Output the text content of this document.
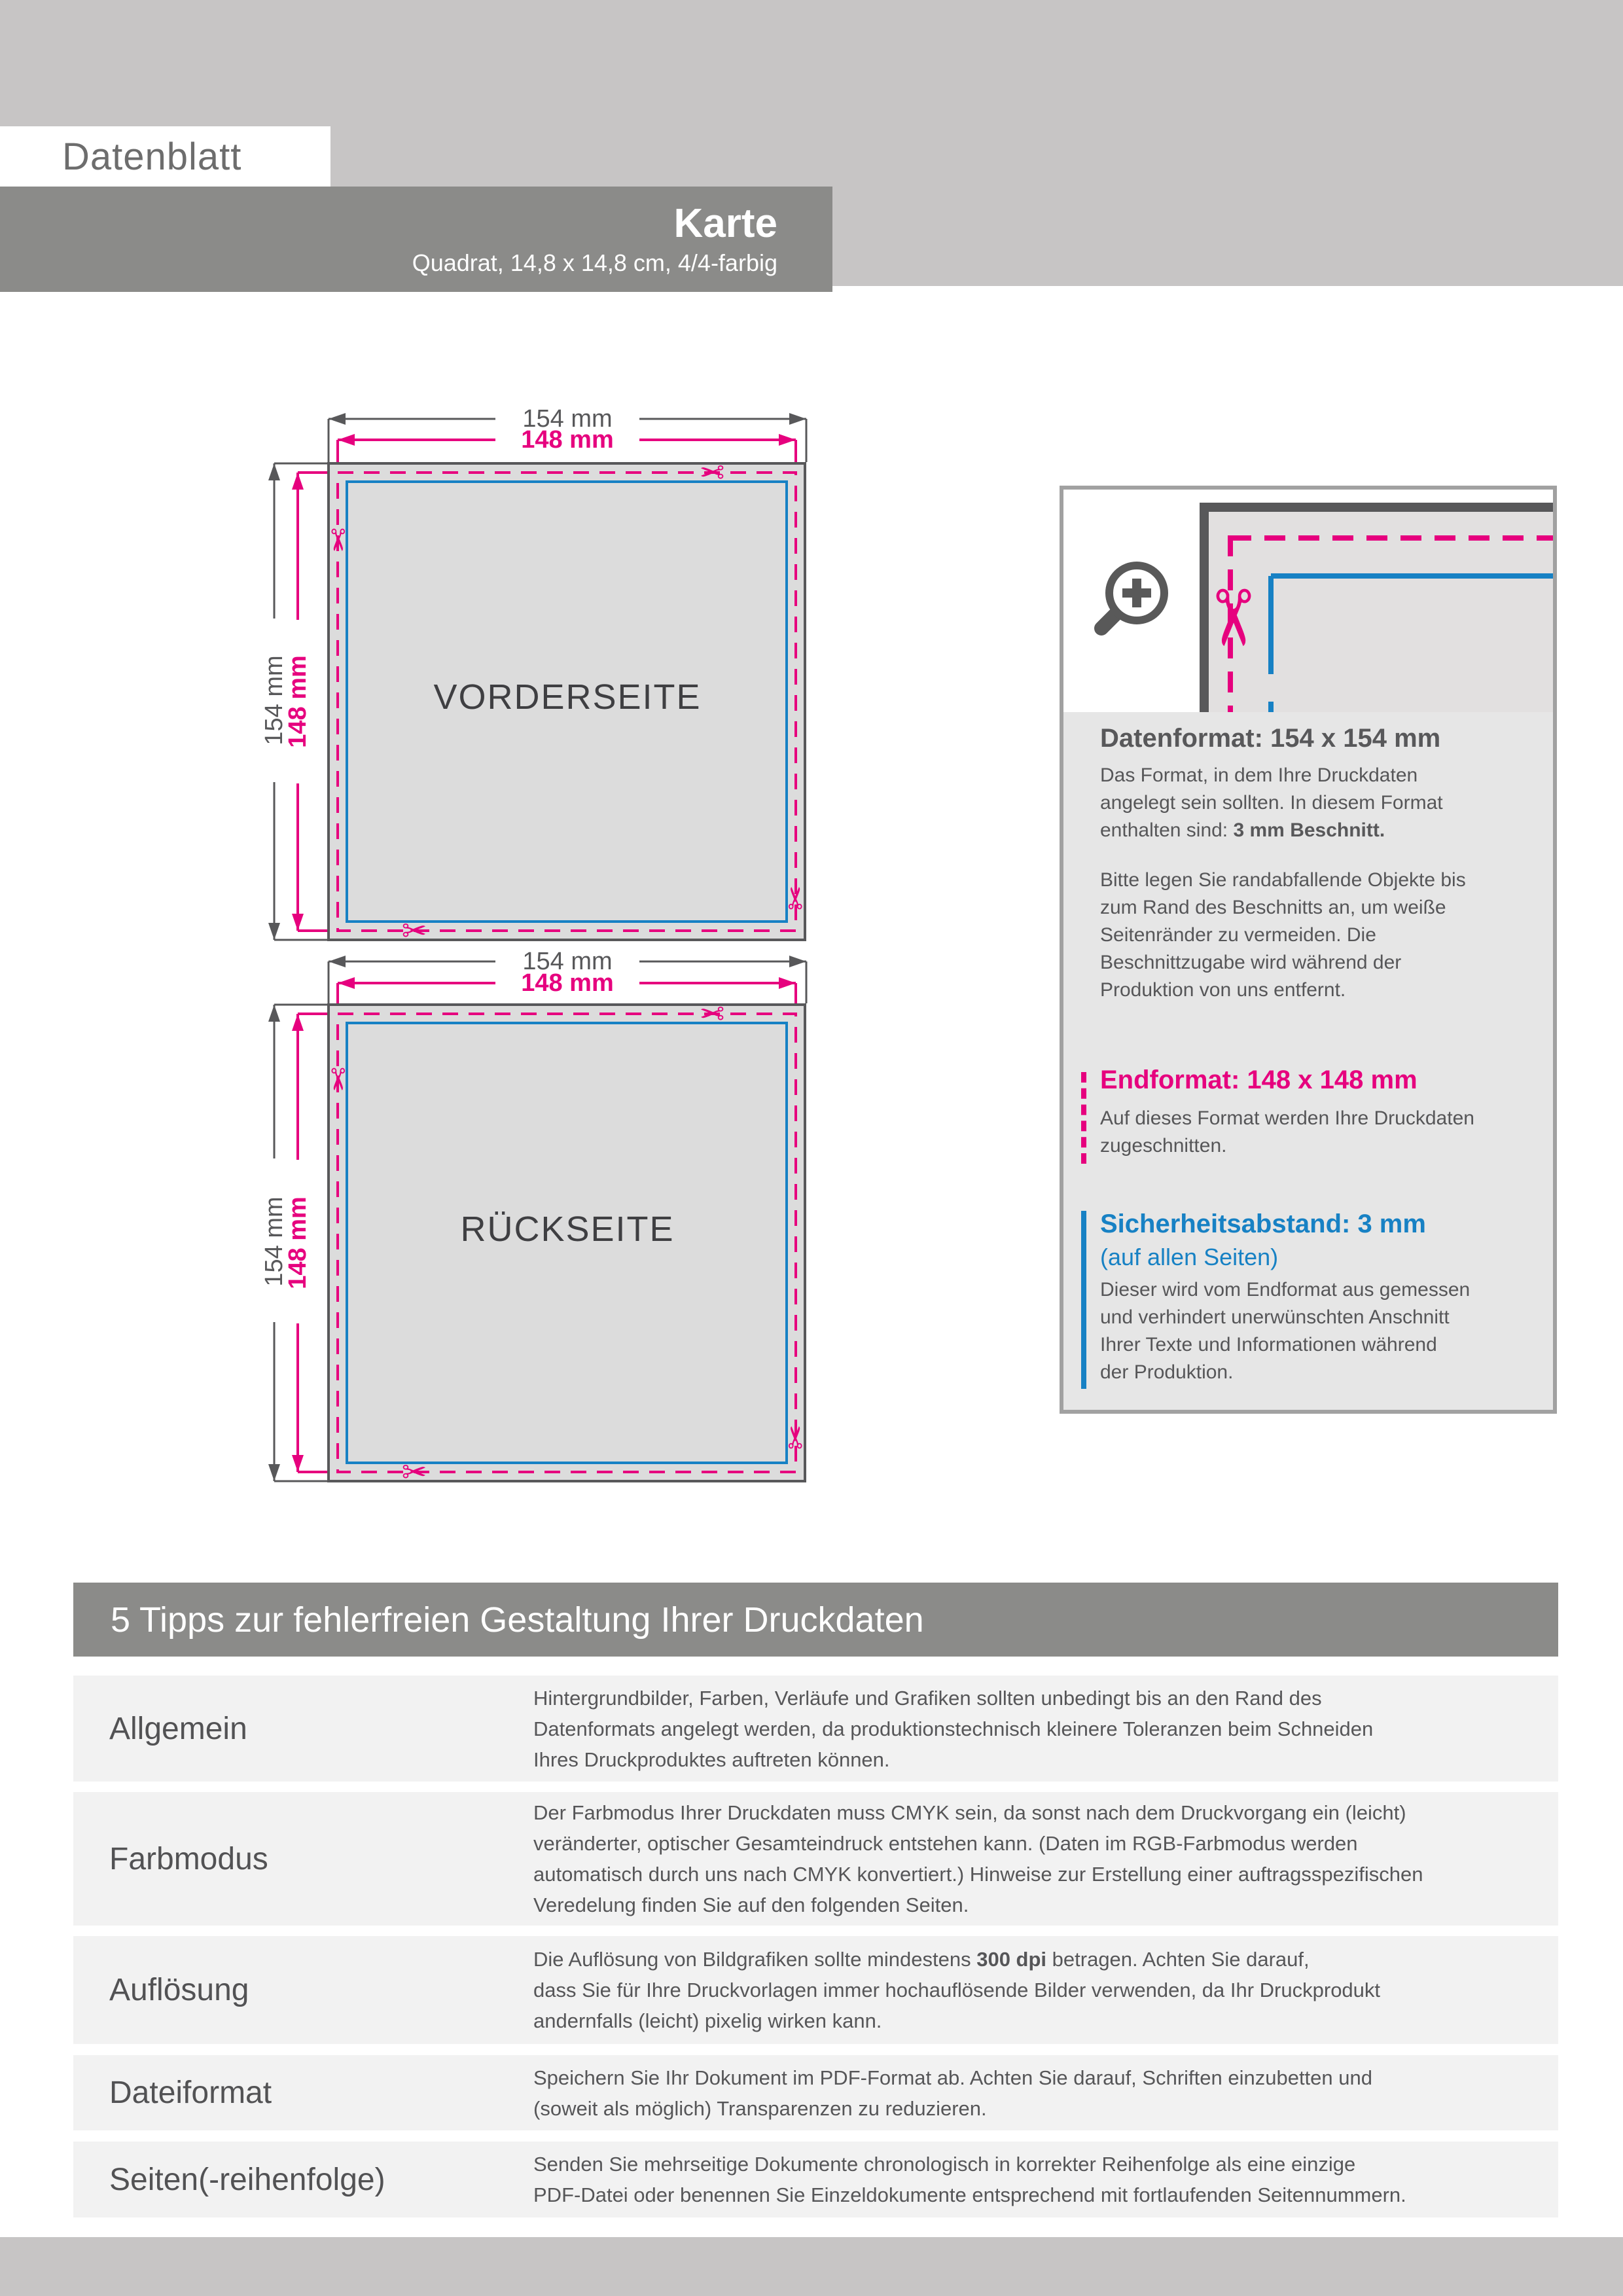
Datenblatt
Karte
Quadrat, 14,8 x 14,8 cm, 4/4-farbig
154 mm
148 mm
154 mm
148 mm	VORDERSEITE
✂
✂
✂
✂
154 mm
148 mm
154 mm
148 mm	RÜCKSEITE
✂
✂
✂
✂
✂
Datenformat: 154 x 154 mm
Das Format, in dem Ihre Druckdaten
angelegt sein sollten. In diesem Format
enthalten sind: 3 mm Beschnitt.
Bitte legen Sie randabfallende Objekte bis
zum Rand des Beschnitts an, um weiße
Seitenränder zu vermeiden. Die
Beschnittzugabe wird während der
Produktion von uns entfernt.
Endformat: 148 x 148 mm
Auf dieses Format werden Ihre Druckdaten
zugeschnitten.
Sicherheitsabstand: 3 mm
(auf allen Seiten)
Dieser wird vom Endformat aus gemessen
und verhindert unerwünschten Anschnitt
Ihrer Texte und Informationen während
der Produktion.
5 Tipps zur fehlerfreien Gestaltung Ihrer Druckdaten
Allgemein
Hintergrundbilder, Farben, Verläufe und Grafiken sollten unbedingt bis an den Rand des
Datenformats angelegt werden, da produktionstechnisch kleinere Toleranzen beim Schneiden
Ihres Druckproduktes auftreten können.
Farbmodus
Der Farbmodus Ihrer Druckdaten muss CMYK sein, da sonst nach dem Druckvorgang ein (leicht)
veränderter, optischer Gesamteindruck entstehen kann. (Daten im RGB-Farbmodus werden
automatisch durch uns nach CMYK konvertiert.) Hinweise zur Erstellung einer auftragsspezifischen
Veredelung finden Sie auf den folgenden Seiten.
Auflösung
Die Auflösung von Bildgrafiken sollte mindestens 300 dpi betragen. Achten Sie darauf,
dass Sie für Ihre Druckvorlagen immer hochauflösende Bilder verwenden, da Ihr Druckprodukt
andernfalls (leicht) pixelig wirken kann.
Dateiformat	Speichern Sie Ihr Dokument im PDF-Format ab. Achten Sie darauf, Schriften einzubetten und
(soweit als möglich) Transparenzen zu reduzieren.
Seiten(-reihenfolge)	Senden Sie mehrseitige Dokumente chronologisch in korrekter Reihenfolge als eine einzige
PDF-Datei oder benennen Sie Einzeldokumente entsprechend mit fortlaufenden Seitennummern.
